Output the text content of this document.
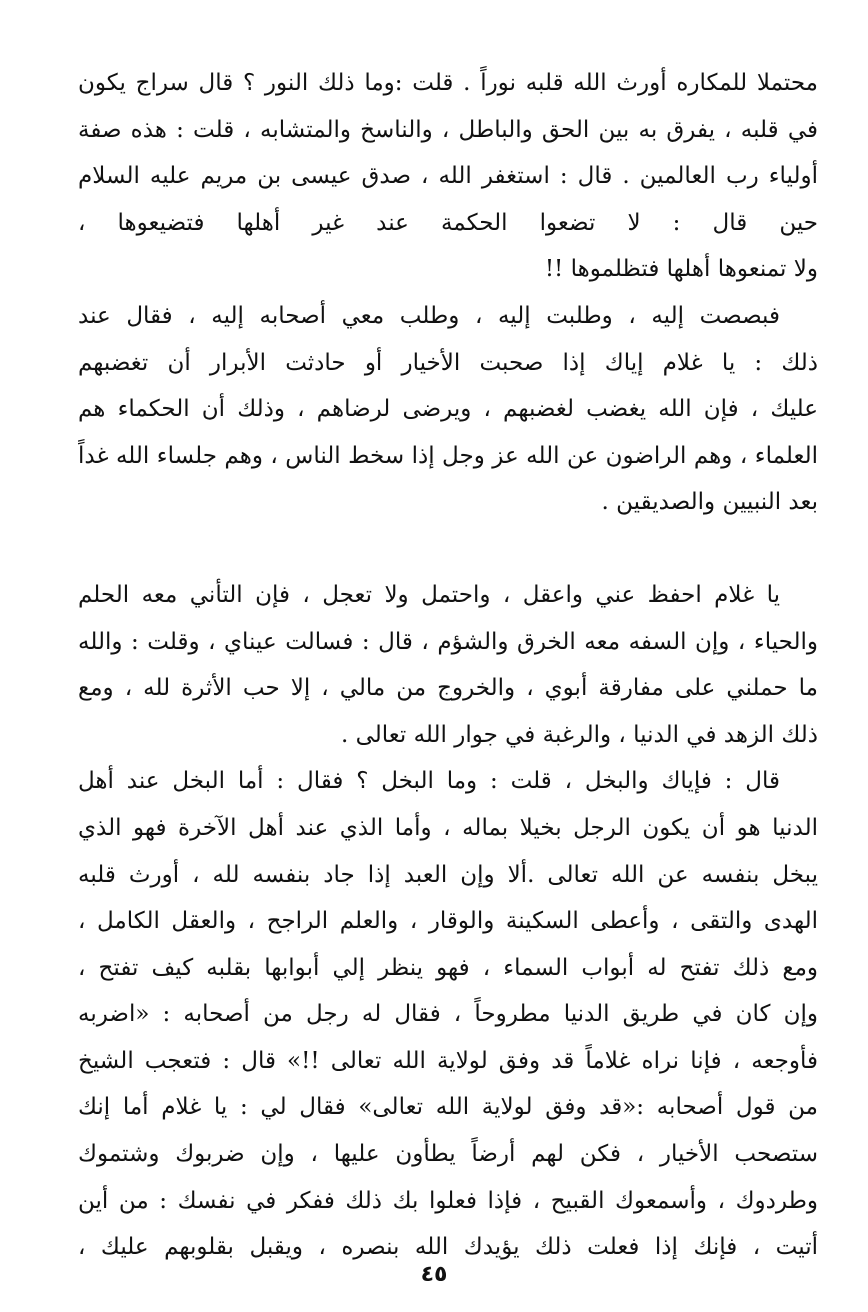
محتملا للمكاره أورث الله قلبه نوراً . قلت :وما ذلك النور ؟ قال سراج يكون
في قلبه ، يفرق به بين الحق والباطل ، والناسخ والمتشابه ، قلت : هذه صفة
أولياء رب العالمين . قال : استغفر الله ، صدق عيسى بن مريم عليه السلام
حين قال : لا تضعوا الحكمة عند غير أهلها فتضيعوها ،
ولا تمنعوها أهلها فتظلموها !!
فبصصت إليه ، وطلبت إليه ، وطلب معي أصحابه إليه ، فقال عند
ذلك : يا غلام إياك إذا صحبت الأخيار أو حادثت الأبرار أن تغضبهم
عليك ، فإن الله يغضب لغضبهم ، ويرضى لرضاهم ، وذلك أن الحكماء هم
العلماء ، وهم الراضون عن الله عز وجل إذا سخط الناس ، وهم جلساء الله غداً
بعد النبيين والصديقين .
يا غلام احفظ عني واعقل ، واحتمل ولا تعجل ، فإن التأني معه الحلم
والحياء ، وإن السفه معه الخرق والشؤم ، قال : فسالت عيناي ، وقلت : والله
ما حملني على مفارقة أبوي ، والخروج من مالي ، إلا حب الأثرة لله ، ومع
ذلك الزهد في الدنيا ، والرغبة في جوار الله تعالى .
قال : فإياك والبخل ، قلت : وما البخل ؟ فقال : أما البخل عند أهل
الدنيا هو أن يكون الرجل بخيلا بماله ، وأما الذي عند أهل الآخرة فهو الذي
يبخل بنفسه عن الله تعالى .ألا وإن العبد إذا جاد بنفسه لله ، أورث قلبه
الهدى والتقى ، وأعطى السكينة والوقار ، والعلم الراجح ، والعقل الكامل ،
ومع ذلك تفتح له أبواب السماء ، فهو ينظر إلي أبوابها بقلبه كيف تفتح ،
وإن كان في طريق الدنيا مطروحاً ، فقال له رجل من أصحابه : «اضربه
فأوجعه ، فإنا نراه غلاماً قد وفق لولاية الله تعالى !!» قال : فتعجب الشيخ
من قول أصحابه :«قد وفق لولاية الله تعالى» فقال لي : يا غلام أما إنك
ستصحب الأخيار ، فكن لهم أرضاً يطأون عليها ، وإن ضربوك وشتموك
وطردوك ، وأسمعوك القبيح ، فإذا فعلوا بك ذلك ففكر في نفسك : من أين
أتيت ، فإنك إذا فعلت ذلك يؤيدك الله بنصره ، ويقبل بقلوبهم عليك ،
٤٥
